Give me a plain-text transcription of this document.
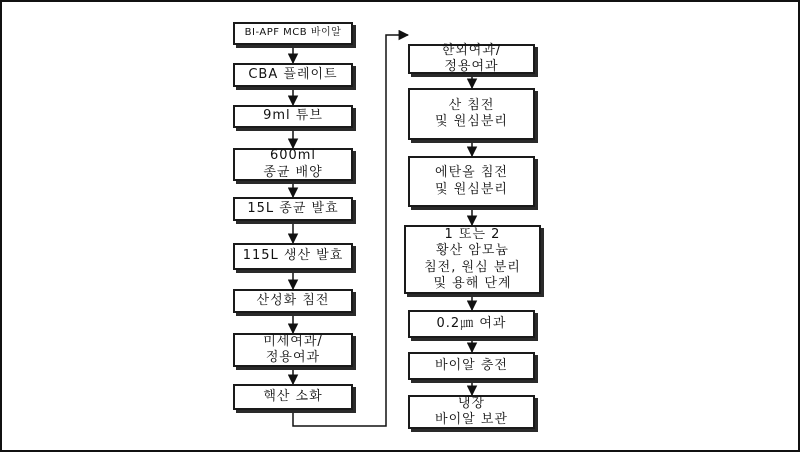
BI-APF MCB 바이알
CBA 플레이트
9ml 튜브
600ml
종균 배양
15L 종균 발효
115L 생산 발효
산성화 침전
미세여과/
정용여과
핵산 소화
한외여과/
정용여과
산 침전
및 원심분리
에탄올 침전
및 원심분리
1 또는 2
황산 암모늄
침전, 원심 분리
및 용해 단계
0.2㎛ 여과
바이알 충전
냉장
바이알 보관
